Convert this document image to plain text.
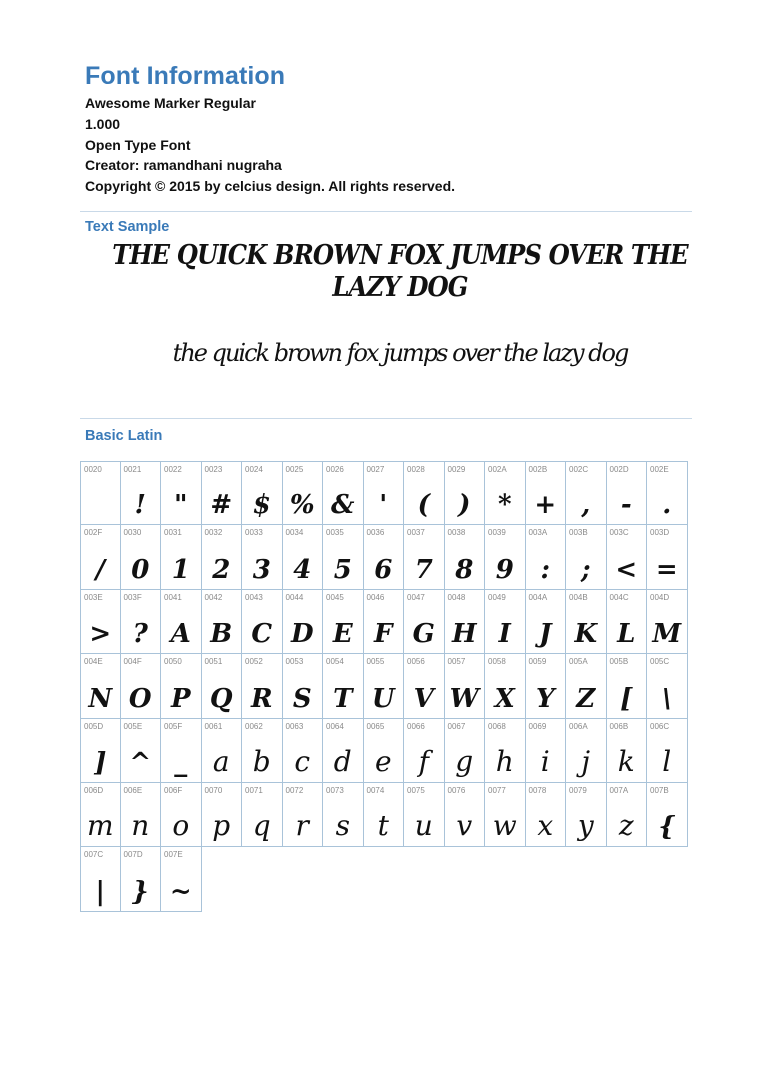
Font Information
Awesome Marker Regular
1.000
Open Type Font
Creator: ramandhani nugraha
Copyright © 2015 by celcius design. All rights reserved.
Text Sample
THE QUICK BROWN FOX JUMPS OVER THE LAZY DOG
the quick brown fox jumps over the lazy dog
Basic Latin
0020	0021
!
0022
"
0023
#
0024
$
0025
%
0026
&
0027
'
0028
(
0029
)
002A
*
002B
+
002C
,
002D
-
002E
.
002F
/
0030
0
0031
1
0032
2
0033
3
0034
4
0035
5
0036
6
0037
7
0038
8
0039
9
003A
:
003B
;
003C
<
003D
=
003E
>
003F
?
0041
A
0042
B
0043
C
0044
D
0045
E
0046
F
0047
G
0048
H
0049
I
004A
J
004B
K
004C
L
004D
M
004E
N
004F
O
0050
P
0051
Q
0052
R
0053
S
0054
T
0055
U
0056
V
0057
W
0058
X
0059
Y
005A
Z
005B
[
005C
\
005D
]
005E
^
005F
_
0061
a
0062
b
0063
c
0064
d
0065
e
0066
f
0067
g
0068
h
0069
i
006A
j
006B
k
006C
l
006D
m
006E
n
006F
o
0070
p
0071
q
0072
r
0073
s
0074
t
0075
u
0076
v
0077
w
0078
x
0079
y
007A
z
007B
{
007C
|
007D
}
007E
~
